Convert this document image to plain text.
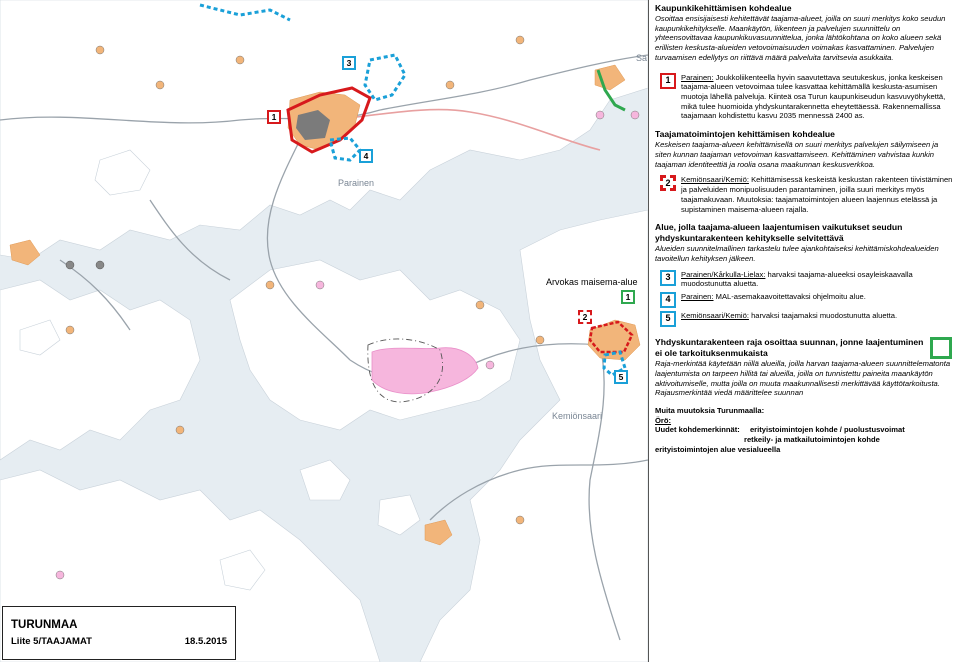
Parainen
Kemiönsaari
Sa
Arvokas maisema-alue
3
1
4
1
2
5
TURUNMAA
Liite 5/TAAJAMAT	18.5.2015
Kaupunkikehittämisen kohdealue
Osoittaa ensisijaisesti kehitettävät taajama-alueet, joilla on suuri merkitys koko seudun kaupunkikehitykselle. Maankäytön, liikenteen ja palvelujen suunnittelu on yhteensovittavaa kaupunkikuvasuunnittelua, jonka lähtökohtana on koko alueen sekä erillisten keskusta-alueiden vetovoimaisuuden voimakas kasvattaminen. Palvelujen turvaamisen edellytys on riittävä määrä palveluita tarvitsevia asukkaita.
1	Parainen: Joukkoliikenteella hyvin saavutettava seutukeskus, jonka keskeisen taajama-alueen vetovoimaa tulee kasvattaa kehittämällä keskusta-asumisen muotoja lähellä palveluja. Kiinteä osa Turun kaupunkiseudun kasvuvyöhykettä, mikä tulee huomioida yhdyskuntarakennetta eheytettäessä. Rakennemallissa taajamaan kohdistettu kasvu 2035 mennessä 2400 as.
Taajamatoimintojen kehittämisen kohdealue
Keskeisen taajama-alueen kehittämisellä on suuri merkitys palvelujen säilymiseen ja siten kunnan taajaman vetovoiman kasvattamiseen. Kehittäminen vahvistaa kunkin taajaman identiteettiä ja roolia osana maakunnan keskusverkkoa.
2	Kemiönsaari/Kemiö: Kehittämisessä keskeistä keskustan rakenteen tiivistäminen ja palveluiden monipuolisuuden parantaminen, joilla suuri merkitys myös taajamakuvaan. Muutoksia: taajamatoimintojen alueen laajennus etelässä ja supistaminen maisema-alueen rajalla.
Alue, jolla taajama-alueen laajentumisen vaikutukset seudun yhdyskuntarakenteen kehitykselle selvitettävä
Alueiden suunnitelmallinen tarkastelu tulee ajankohtaiseksi kehittämiskohdealueiden tavoitellun kehityksen jälkeen.
3	Parainen/Kårkulla-Lielax: harvaksi taajama-alueeksi osayleiskaavalla muodostunutta aluetta.
4	Parainen: MAL-asemakaavoitettavaksi ohjelmoitu alue.
5	Kemiönsaari/Kemiö: harvaksi taajamaksi muodostunutta aluetta.
Yhdyskuntarakenteen raja osoittaa suunnan, jonne laajentuminen ei ole tarkoituksenmukaista
Raja-merkintää käytetään niillä alueilla, joilla harvan taajama-alueen suunnittelematonta laajentumista on tarpeen hillitä tai alueilla, joilla on tunnistettu paineita maankäytön aktivoitumiselle, mutta joilla on muuta maakunnallisesti merkittävää käyttötarkoitusta. Rajausmerkintää viedä määrittelee suunnan
Muita muutoksia Turunmaalla:
Örö:
Uudet kohdemerkinnät: erityistoimintojen kohde / puolustusvoimat
retkeily- ja matkailutoimintojen kohde
erityistoimintojen alue vesialueella
